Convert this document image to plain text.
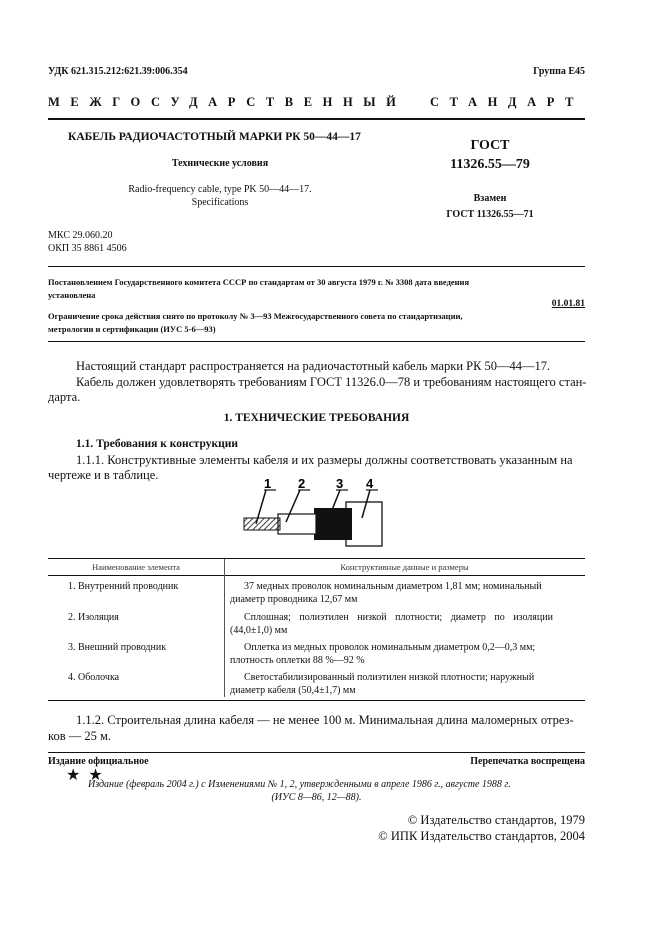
УДК 621.315.212:621.39:006.354	Группа Е45
МЕЖГОСУДАРСТВЕННЫЙ СТАНДАРТ
КАБЕЛЬ РАДИОЧАСТОТНЫЙ МАРКИ РК 50—44—17
Технические условия
Radio-frequency cable, type PK 50—44—17.
Specifications
ГОСТ
11326.55—79
Взамен
ГОСТ 11326.55—71
МКС 29.060.20
ОКП 35 8861 4506
Постановлением Государственного комитета СССР по стандартам от 30 августа 1979 г. № 3308 дата введения
установлена
01.01.81
Ограничение срока действия снято по протоколу № 3—93 Межгосударственного совета по стандартизации,
метрологии и сертификации (ИУС 5-6—93)
Настоящий стандарт распространяется на радиочастотный кабель марки РК 50—44—17.
Кабель должен удовлетворять требованиям ГОСТ 11326.0—78 и требованиям настоящего стан-
дарта.
1. ТЕХНИЧЕСКИЕ ТРЕБОВАНИЯ
1.1. Требования к конструкции
1.1.1. Конструктивные элементы кабеля и их размеры должны соответствовать указанным на
чертеже и в таблице.
1 2 3 4
Наименование элемента	Конструктивные данные и размеры
1. Внутренний проводник	37 медных проволок номинальным диаметром 1,81 мм; номинальный
диаметр проводника 12,67 мм
2. Изоляция	Сплошная; полиэтилен низкой плотности; диаметр по изоляции
(44,0±1,0) мм
3. Внешний проводник	Оплетка из медных проволок номинальным диаметром 0,2—0,3 мм;
плотность оплетки 88 %—92 %
4. Оболочка	Светостабилизированный полиэтилен низкой плотности; наружный
диаметр кабеля (50,4±1,7) мм
1.1.2. Строительная длина кабеля — не менее 100 м. Минимальная длина маломерных отрез-
ков — 25 м.
Издание официальное	Перепечатка воспрещена
★ ★
Издание (февраль 2004 г.) с Изменениями № 1, 2, утвержденными в апреле 1986 г., августе 1988 г.
(ИУС 8—86, 12—88).
© Издательство стандартов, 1979
© ИПК Издательство стандартов, 2004
